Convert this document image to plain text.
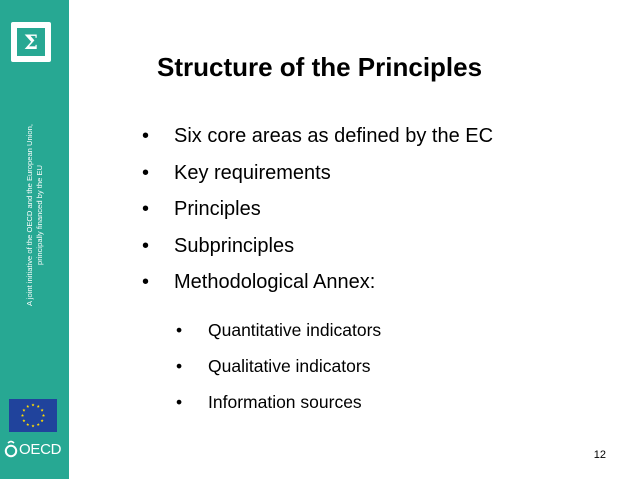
Σ
A joint initiative of the OECD and the European Union, principally financed by the EU
OECD
Structure of the Principles
• Six core areas as defined by the EC
• Key requirements
• Principles
• Subprinciples
• Methodological Annex:
• Quantitative indicators
• Qualitative indicators
• Information sources
12
